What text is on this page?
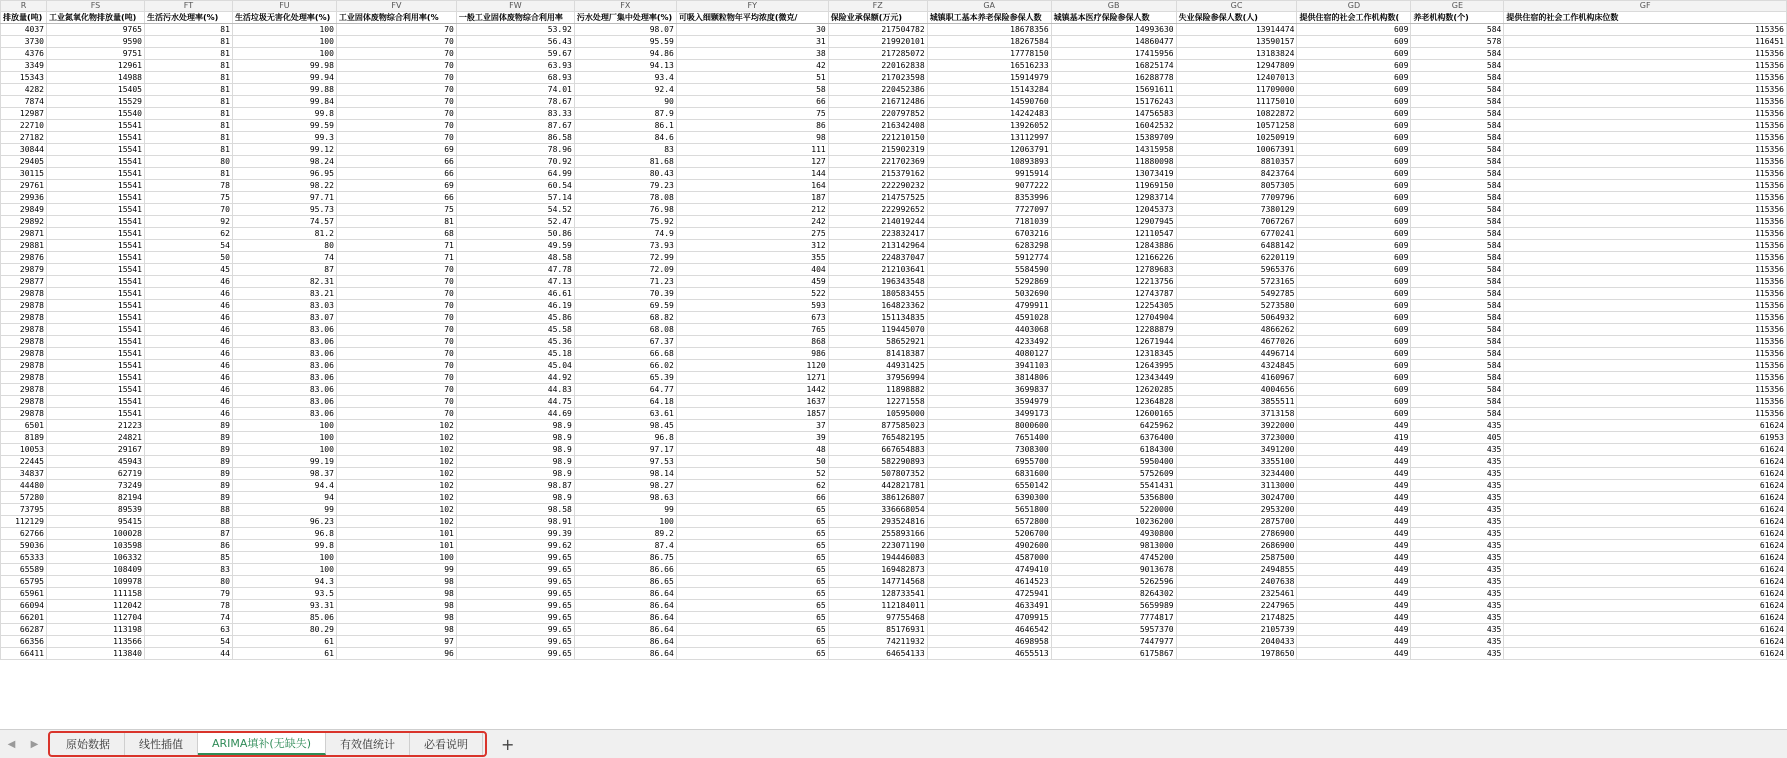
R	FS	FT	FU	FV	FW	FX	FY	FZ	GA	GB	GC	GD	GE	GF
排放量(吨)	工业氮氧化物排放量(吨)	生活污水处理率(%)	生活垃圾无害化处理率(%)	工业固体废物综合利用率(%	一般工业固体废物综合利用率	污水处理厂集中处理率(%)	可吸入细颗粒物年平均浓度(微克/	保险业承保额(万元)	城镇职工基本养老保险参保人数	城镇基本医疗保险参保人数	失业保险参保人数(人)	提供住宿的社会工作机构数(	养老机构数(个)	提供住宿的社会工作机构床位数
4037	9765	81	100	70	53.92	98.07	30	217504782	18678356	14993630	13914474	609	584	115356
3730	9590	81	100	70	56.43	95.59	31	219920101	18267584	14860477	13590157	609	578	116451
4376	9751	81	100	70	59.67	94.86	38	217285072	17778150	17415956	13183824	609	584	115356
3349	12961	81	99.98	70	63.93	94.13	42	220162838	16516233	16825174	12947809	609	584	115356
15343	14988	81	99.94	70	68.93	93.4	51	217023598	15914979	16288778	12407013	609	584	115356
4282	15405	81	99.88	70	74.01	92.4	58	220452386	15143284	15691611	11709000	609	584	115356
7874	15529	81	99.84	70	78.67	90	66	216712486	14590760	15176243	11175010	609	584	115356
12987	15540	81	99.8	70	83.33	87.9	75	220797852	14242483	14756583	10822872	609	584	115356
22710	15541	81	99.59	70	87.67	86.1	86	216342408	13926052	16042532	10571258	609	584	115356
27182	15541	81	99.3	70	86.58	84.6	98	221210150	13112997	15389709	10250919	609	584	115356
30844	15541	81	99.12	69	78.96	83	111	215902319	12063791	14315958	10067391	609	584	115356
29405	15541	80	98.24	66	70.92	81.68	127	221702369	10893893	11880098	8810357	609	584	115356
30115	15541	81	96.95	66	64.99	80.43	144	215379162	9915914	13073419	8423764	609	584	115356
29761	15541	78	98.22	69	60.54	79.23	164	222290232	9077222	11969150	8057305	609	584	115356
29936	15541	75	97.71	66	57.14	78.08	187	214757525	8353996	12983714	7709796	609	584	115356
29849	15541	70	95.73	75	54.52	76.98	212	222992652	7727097	12045373	7380129	609	584	115356
29892	15541	92	74.57	81	52.47	75.92	242	214019244	7181039	12907945	7067267	609	584	115356
29871	15541	62	81.2	68	50.86	74.9	275	223832417	6703216	12110547	6770241	609	584	115356
29881	15541	54	80	71	49.59	73.93	312	213142964	6283298	12843886	6488142	609	584	115356
29876	15541	50	74	71	48.58	72.99	355	224837047	5912774	12166226	6220119	609	584	115356
29879	15541	45	87	70	47.78	72.09	404	212103641	5584590	12789683	5965376	609	584	115356
29877	15541	46	82.31	70	47.13	71.23	459	196343548	5292869	12213756	5723165	609	584	115356
29878	15541	46	83.21	70	46.61	70.39	522	180583455	5032690	12743787	5492785	609	584	115356
29878	15541	46	83.03	70	46.19	69.59	593	164823362	4799911	12254305	5273580	609	584	115356
29878	15541	46	83.07	70	45.86	68.82	673	151134835	4591028	12704904	5064932	609	584	115356
29878	15541	46	83.06	70	45.58	68.08	765	119445070	4403068	12288879	4866262	609	584	115356
29878	15541	46	83.06	70	45.36	67.37	868	58652921	4233492	12671944	4677026	609	584	115356
29878	15541	46	83.06	70	45.18	66.68	986	81418387	4080127	12318345	4496714	609	584	115356
29878	15541	46	83.06	70	45.04	66.02	1120	44931425	3941103	12643995	4324845	609	584	115356
29878	15541	46	83.06	70	44.92	65.39	1271	37956994	3814806	12343449	4160967	609	584	115356
29878	15541	46	83.06	70	44.83	64.77	1442	11898882	3699837	12620285	4004656	609	584	115356
29878	15541	46	83.06	70	44.75	64.18	1637	12271558	3594979	12364828	3855511	609	584	115356
29878	15541	46	83.06	70	44.69	63.61	1857	10595000	3499173	12600165	3713158	609	584	115356
6501	21223	89	100	102	98.9	98.45	37	877585023	8000600	6425962	3922000	449	435	61624
8189	24821	89	100	102	98.9	96.8	39	765482195	7651400	6376400	3723000	419	405	61953
10053	29167	89	100	102	98.9	97.17	48	667654883	7308300	6184300	3491200	449	435	61624
22445	45943	89	99.19	102	98.9	97.53	50	582290893	6955700	5950400	3355100	449	435	61624
34837	62719	89	98.37	102	98.9	98.14	52	507807352	6831600	5752609	3234400	449	435	61624
44480	73249	89	94.4	102	98.87	98.27	62	442821781	6550142	5541431	3113000	449	435	61624
57280	82194	89	94	102	98.9	98.63	66	386126807	6390300	5356800	3024700	449	435	61624
73795	89539	88	99	102	98.58	99	65	336668054	5651800	5220000	2953200	449	435	61624
112129	95415	88	96.23	102	98.91	100	65	293524816	6572800	10236200	2875700	449	435	61624
62766	100028	87	96.8	101	99.39	89.2	65	255893166	5206700	4930800	2786900	449	435	61624
59036	103598	86	99.8	101	99.62	87.4	65	223071190	4902600	9813000	2686900	449	435	61624
65333	106332	85	100	100	99.65	86.75	65	194446083	4587000	4745200	2587500	449	435	61624
65589	108409	83	100	99	99.65	86.66	65	169482873	4749410	9013678	2494855	449	435	61624
65795	109978	80	94.3	98	99.65	86.65	65	147714568	4614523	5262596	2407638	449	435	61624
65961	111158	79	93.5	98	99.65	86.64	65	128733541	4725941	8264302	2325461	449	435	61624
66094	112042	78	93.31	98	99.65	86.64	65	112184011	4633491	5659989	2247965	449	435	61624
66201	112704	74	85.06	98	99.65	86.64	65	97755468	4709915	7774817	2174825	449	435	61624
66287	113198	63	80.29	98	99.65	86.64	65	85176931	4646542	5957370	2105739	449	435	61624
66356	113566	54	61	97	99.65	86.64	65	74211932	4698958	7447977	2040433	449	435	61624
66411	113840	44	61	96	99.65	86.64	65	64654133	4655513	6175867	1978650	449	435	61624
◀ ▶	原始数据	线性插值	ARIMA填补(无缺失)	有效值统计	必看说明	+
